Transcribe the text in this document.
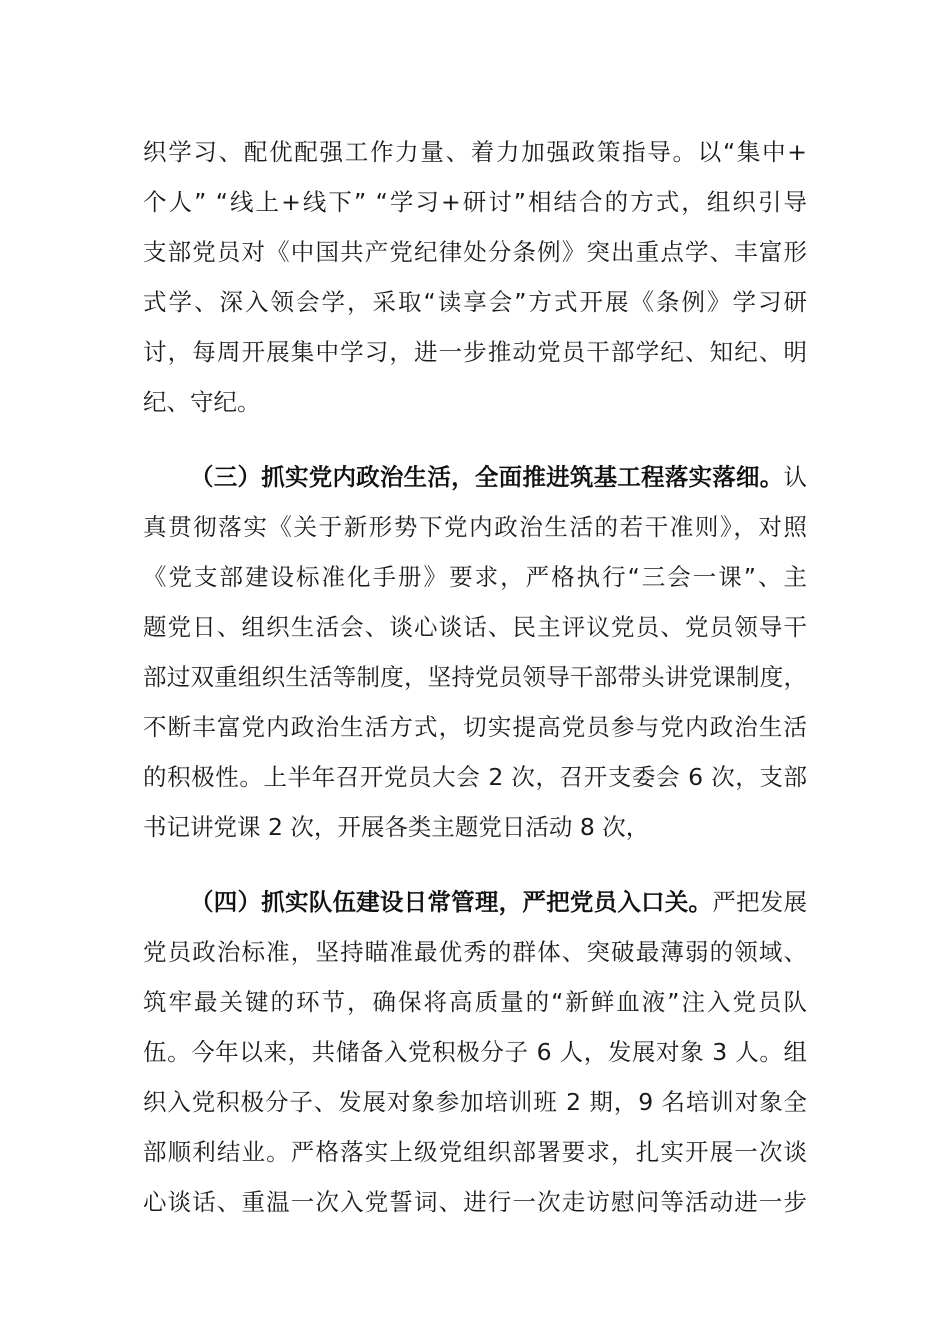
织学习、配优配强工作力量、着力加强政策指导。以“集中+
个人” “线上+线下” “学习+研讨”相结合的方式，组织引导
支部党员对《中国共产党纪律处分条例》突出重点学、丰富形
式学、深入领会学，采取“读享会”方式开展《条例》学习研
讨，每周开展集中学习，进一步推动党员干部学纪、知纪、明
纪、守纪。
（三）抓实党内政治生活，全面推进筑基工程落实落细。认
真贯彻落实《关于新形势下党内政治生活的若干准则》，对照
《党支部建设标准化手册》要求，严格执行“三会一课”、主
题党日、组织生活会、谈心谈话、民主评议党员、党员领导干
部过双重组织生活等制度，坚持党员领导干部带头讲党课制度，
不断丰富党内政治生活方式，切实提高党员参与党内政治生活
的积极性。上半年召开党员大会 2 次，召开支委会 6 次，支部
书记讲党课 2 次，开展各类主题党日活动 8 次，
（四）抓实队伍建设日常管理，严把党员入口关。严把发展
党员政治标准，坚持瞄准最优秀的群体、突破最薄弱的领域、
筑牢最关键的环节，确保将高质量的“新鲜血液”注入党员队
伍。今年以来，共储备入党积极分子 6 人，发展对象 3 人。组
织入党积极分子、发展对象参加培训班 2 期，9 名培训对象全
部顺利结业。严格落实上级党组织部署要求，扎实开展一次谈
心谈话、重温一次入党誓词、进行一次走访慰问等活动进一步
